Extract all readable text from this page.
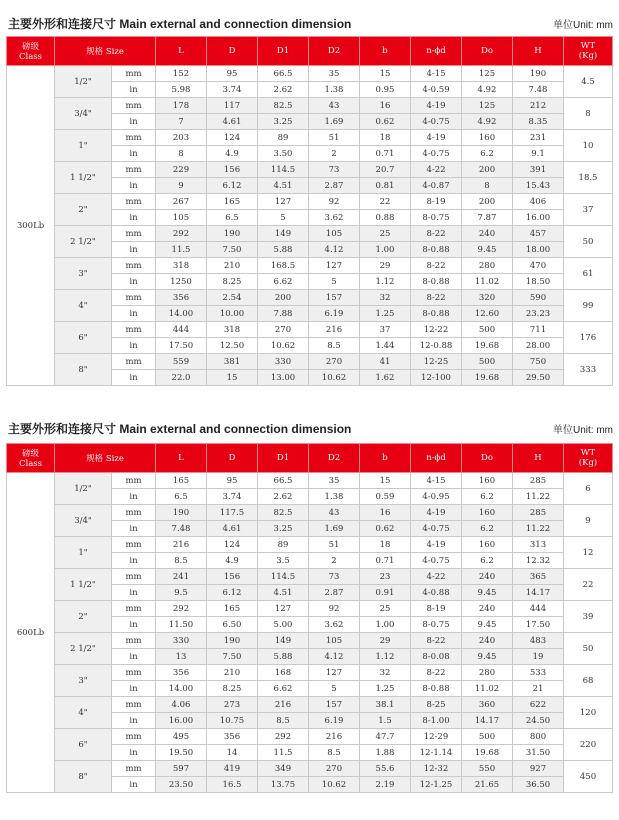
主要外形和连接尺寸 Main external and connection dimension	单位Unit: mm
磅级
Class	规格 Size		L	D	D1	D2	b	n-ϕd	Do	H	WT
(Kg)
300Lb	1/2"	mm	152	95	66.5	35	15	4-15	125	190	4.5
		in	5.98	3.74	2.62	1.38	0.95	4-0.59	4.92	7.48	
	3/4"	mm	178	117	82.5	43	16	4-19	125	212	8
		in	7	4.61	3.25	1.69	0.62	4-0.75	4.92	8.35	
	1"	mm	203	124	89	51	18	4-19	160	231	10
		in	8	4.9	3.50	2	0.71	4-0.75	6.2	9.1	
	1 1/2"	mm	229	156	114.5	73	20.7	4-22	200	391	18.5
		in	9	6.12	4.51	2.87	0.81	4-0.87	8	15.43	
	2"	mm	267	165	127	92	22	8-19	200	406	37
		in	105	6.5	5	3.62	0.88	8-0.75	7.87	16.00	
	2 1/2"	mm	292	190	149	105	25	8-22	240	457	50
		in	11.5	7.50	5.88	4.12	1.00	8-0.88	9.45	18.00	
	3"	mm	318	210	168.5	127	29	8-22	280	470	61
		in	1250	8.25	6.62	5	1.12	8-0.88	11.02	18.50	
	4"	mm	356	2.54	200	157	32	8-22	320	590	99
		in	14.00	10.00	7.88	6.19	1.25	8-0.88	12.60	23.23	
	6"	mm	444	318	270	216	37	12-22	500	711	176
		in	17.50	12.50	10.62	8.5	1.44	12-0.88	19.68	28.00	
	8"	mm	559	381	330	270	41	12-25	500	750	333
		in	22.0	15	13.00	10.62	1.62	12-100	19.68	29.50	
主要外形和连接尺寸 Main external and connection dimension	单位Unit: mm
磅级
Class	规格 Size		L	D	D1	D2	b	n-ϕd	Do	H	WT
(Kg)
600Lb	1/2"	mm	165	95	66.5	35	15	4-15	160	285	6
		in	6.5	3.74	2.62	1.38	0.59	4-0.95	6.2	11.22	
	3/4"	mm	190	117.5	82.5	43	16	4-19	160	285	9
		in	7.48	4.61	3.25	1.69	0.62	4-0.75	6.2	11.22	
	1"	mm	216	124	89	51	18	4-19	160	313	12
		in	8.5	4.9	3.5	2	0.71	4-0.75	6.2	12.32	
	1 1/2"	mm	241	156	114.5	73	23	4-22	240	365	22
		in	9.5	6.12	4.51	2.87	0.91	4-0.88	9.45	14.17	
	2"	mm	292	165	127	92	25	8-19	240	444	39
		in	11.50	6.50	5.00	3.62	1.00	8-0.75	9.45	17.50	
	2 1/2"	mm	330	190	149	105	29	8-22	240	483	50
		in	13	7.50	5.88	4.12	1.12	8-0.08	9.45	19	
	3"	mm	356	210	168	127	32	8-22	280	533	68
		in	14.00	8.25	6.62	5	1.25	8-0.88	11.02	21	
	4"	mm	4.06	273	216	157	38.1	8-25	360	622	120
		in	16.00	10.75	8.5	6.19	1.5	8-1.00	14.17	24.50	
	6"	mm	495	356	292	216	47.7	12-29	500	800	220
		in	19.50	14	11.5	8.5	1.88	12-1.14	19.68	31.50	
	8"	mm	597	419	349	270	55.6	12-32	550	927	450
		in	23.50	16.5	13.75	10.62	2.19	12-1.25	21.65	36.50	
